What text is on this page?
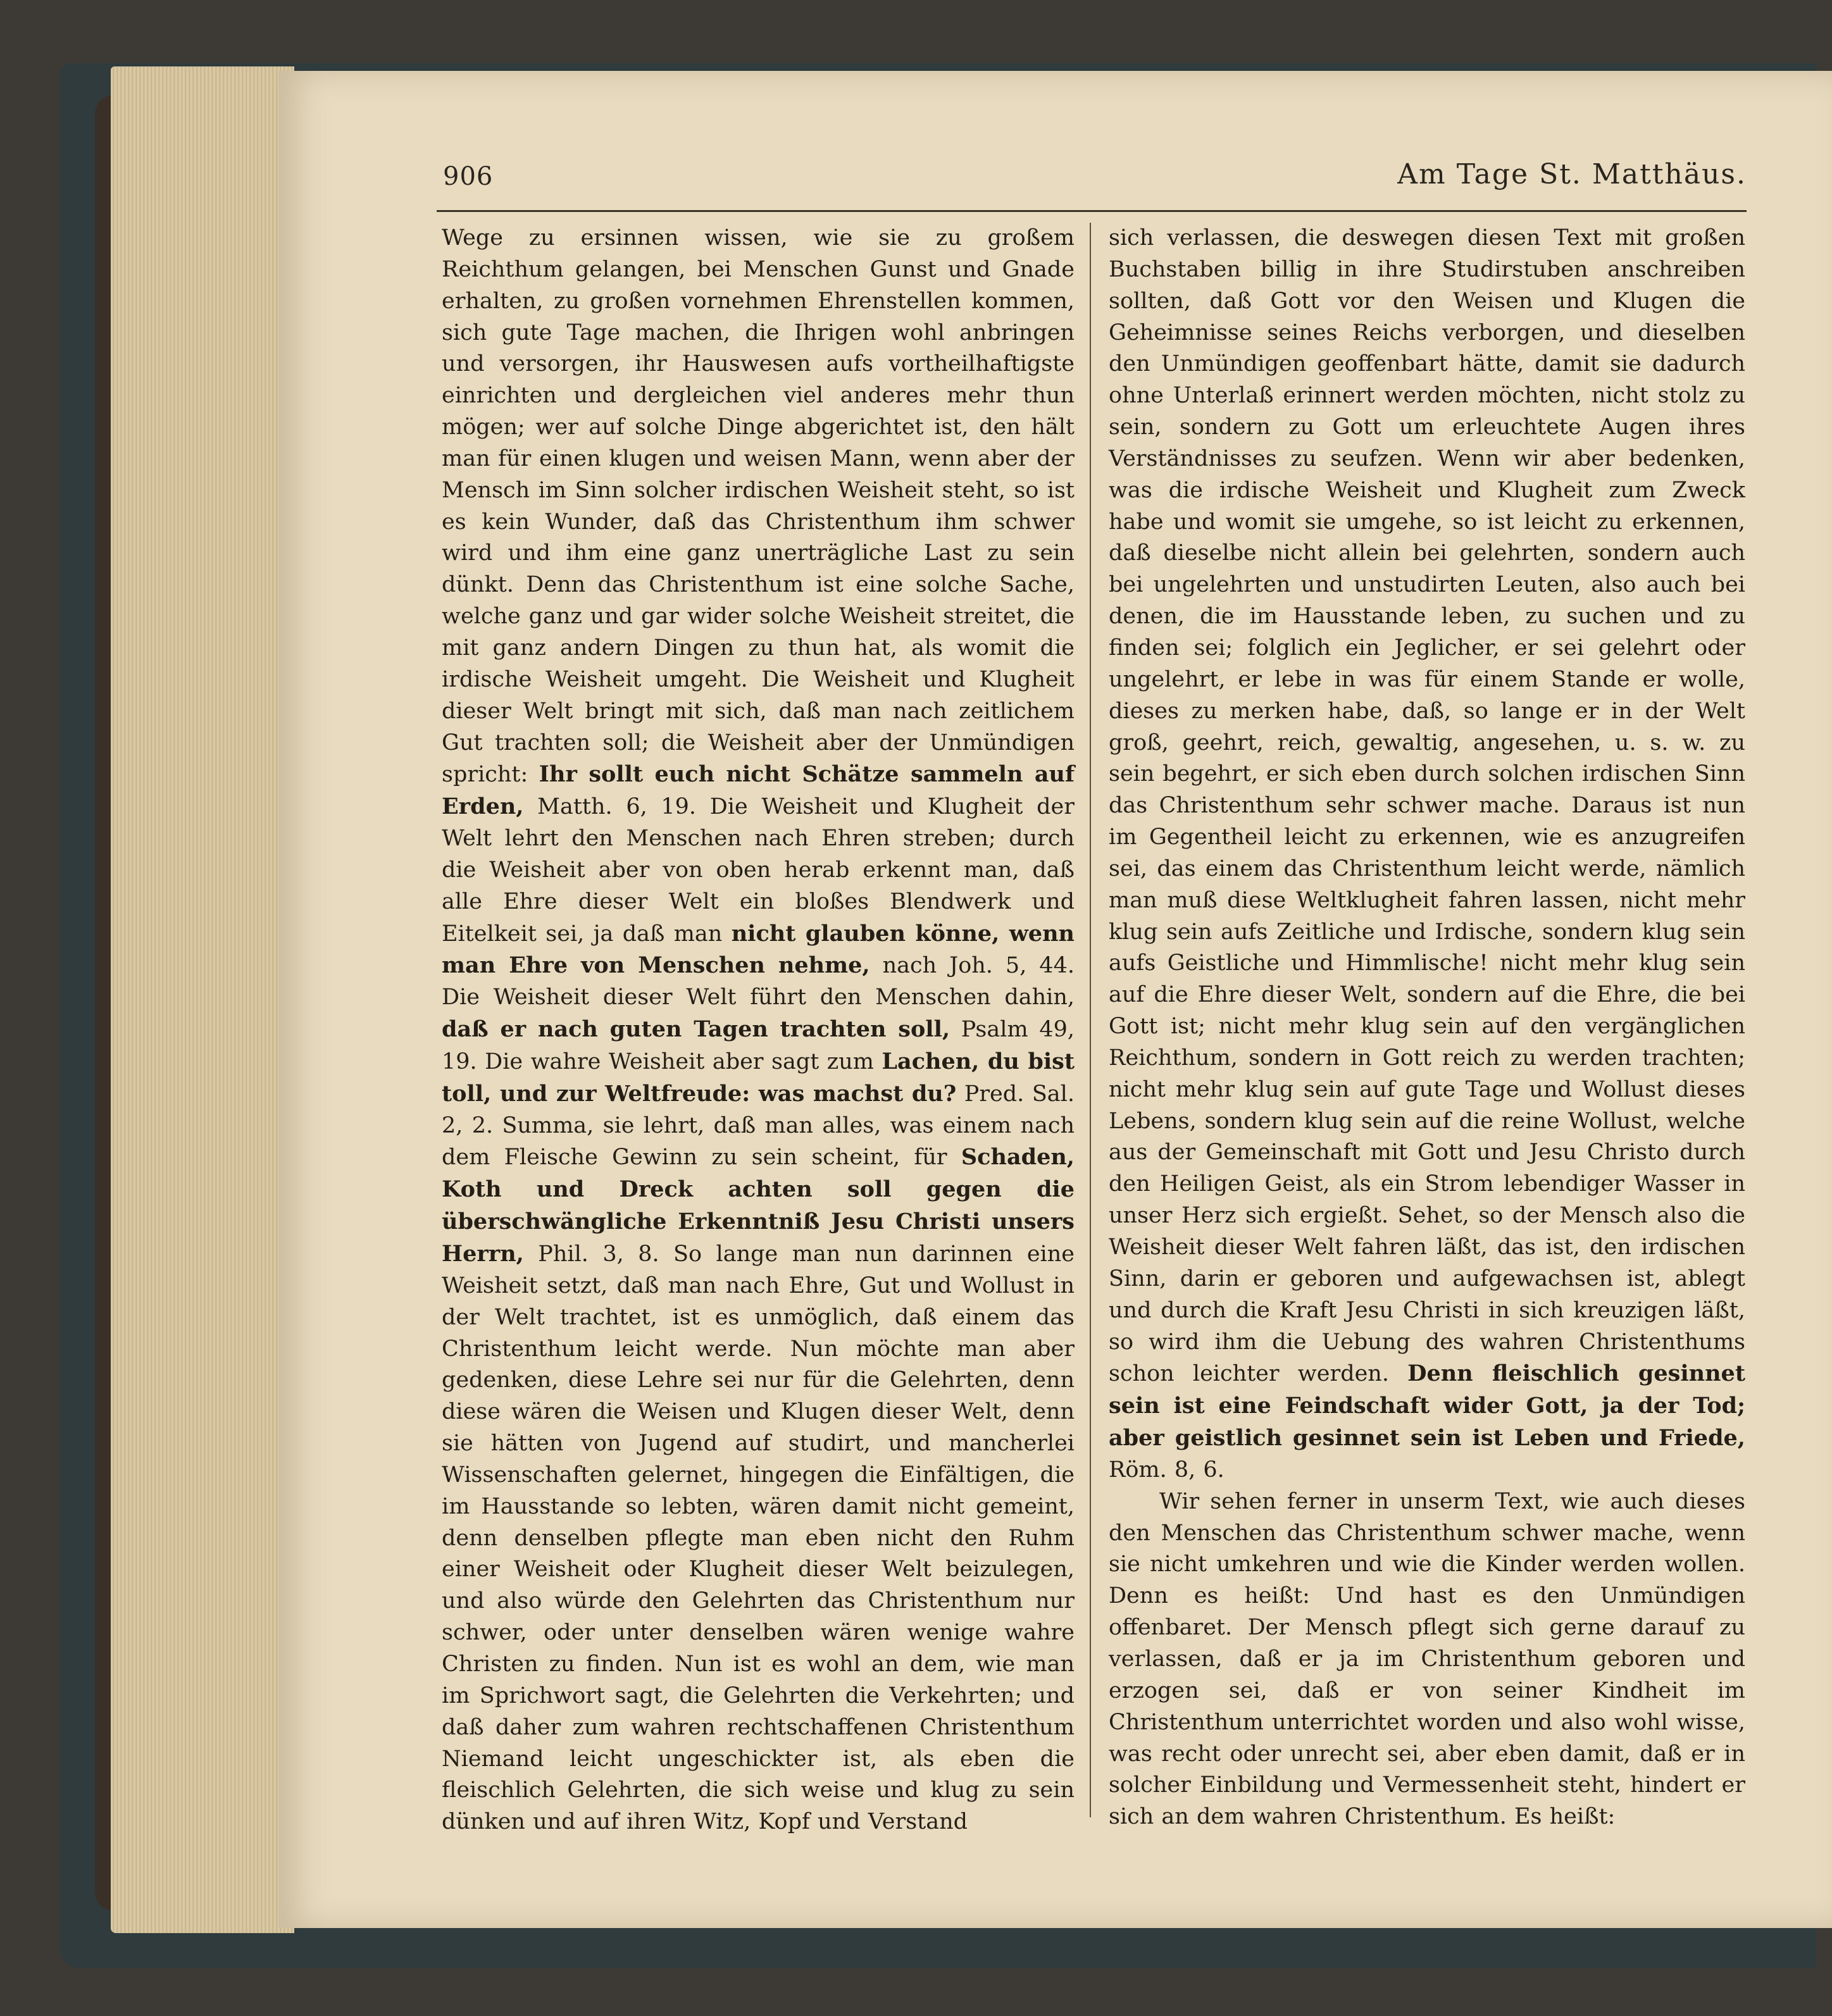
906	Am Tage St. Matthäus.

Wege zu ersinnen wissen, wie sie zu großem Reichthum gelangen, bei Menschen Gunst und Gnade erhalten, zu großen vornehmen Ehrenstellen kommen, sich gute Tage machen, die Ihrigen wohl anbringen und versorgen, ihr Hauswesen aufs vortheilhaftigste einrichten und dergleichen viel anderes mehr thun mögen; wer auf solche Dinge abgerichtet ist, den hält man für einen klugen und weisen Mann, wenn aber der Mensch im Sinn solcher irdischen Weisheit steht, so ist es kein Wunder, daß das Christenthum ihm schwer wird und ihm eine ganz unerträgliche Last zu sein dünkt. Denn das Christenthum ist eine solche Sache, welche ganz und gar wider solche Weisheit streitet, die mit ganz andern Dingen zu thun hat, als womit die irdische Weisheit umgeht. Die Weisheit und Klugheit dieser Welt bringt mit sich, daß man nach zeitlichem Gut trachten soll; die Weisheit aber der Unmündigen spricht: Ihr sollt euch nicht Schätze sammeln auf Erden, Matth. 6, 19. Die Weisheit und Klugheit der Welt lehrt den Menschen nach Ehren streben; durch die Weisheit aber von oben herab erkennt man, daß alle Ehre dieser Welt ein bloßes Blendwerk und Eitelkeit sei, ja daß man nicht glauben könne, wenn man Ehre von Menschen nehme, nach Joh. 5, 44. Die Weisheit dieser Welt führt den Menschen dahin, daß er nach guten Tagen trachten soll, Psalm 49, 19. Die wahre Weisheit aber sagt zum Lachen, du bist toll, und zur Weltfreude: was machst du? Pred. Sal. 2, 2. Summa, sie lehrt, daß man alles, was einem nach dem Fleische Gewinn zu sein scheint, für Schaden, Koth und Dreck achten soll gegen die überschwängliche Erkenntniß Jesu Christi unsers Herrn, Phil. 3, 8. So lange man nun darinnen eine Weisheit setzt, daß man nach Ehre, Gut und Wollust in der Welt trachtet, ist es unmöglich, daß einem das Christenthum leicht werde. Nun möchte man aber gedenken, diese Lehre sei nur für die Gelehrten, denn diese wären die Weisen und Klugen dieser Welt, denn sie hätten von Jugend auf studirt, und mancherlei Wissenschaften gelernet, hingegen die Einfältigen, die im Hausstande so lebten, wären damit nicht gemeint, denn denselben pflegte man eben nicht den Ruhm einer Weisheit oder Klugheit dieser Welt beizulegen, und also würde den Gelehrten das Christenthum nur schwer, oder unter denselben wären wenige wahre Christen zu finden. Nun ist es wohl an dem, wie man im Sprichwort sagt, die Gelehrten die Verkehrten; und daß daher zum wahren rechtschaffenen Christenthum Niemand leicht ungeschickter ist, als eben die fleischlich Gelehrten, die sich weise und klug zu sein dünken und auf ihren Witz, Kopf und Verstand

sich verlassen, die deswegen diesen Text mit großen Buchstaben billig in ihre Studirstuben anschreiben sollten, daß Gott vor den Weisen und Klugen die Geheimnisse seines Reichs verborgen, und dieselben den Unmündigen geoffenbart hätte, damit sie dadurch ohne Unterlaß erinnert werden möchten, nicht stolz zu sein, sondern zu Gott um erleuchtete Augen ihres Verständnisses zu seufzen. Wenn wir aber bedenken, was die irdische Weisheit und Klugheit zum Zweck habe und womit sie umgehe, so ist leicht zu erkennen, daß dieselbe nicht allein bei gelehrten, sondern auch bei ungelehrten und unstudirten Leuten, also auch bei denen, die im Hausstande leben, zu suchen und zu finden sei; folglich ein Jeglicher, er sei gelehrt oder ungelehrt, er lebe in was für einem Stande er wolle, dieses zu merken habe, daß, so lange er in der Welt groß, geehrt, reich, gewaltig, angesehen, u. s. w. zu sein begehrt, er sich eben durch solchen irdischen Sinn das Christenthum sehr schwer mache. Daraus ist nun im Gegentheil leicht zu erkennen, wie es anzugreifen sei, das einem das Christenthum leicht werde, nämlich man muß diese Weltklugheit fahren lassen, nicht mehr klug sein aufs Zeitliche und Irdische, sondern klug sein aufs Geistliche und Himmlische! nicht mehr klug sein auf die Ehre dieser Welt, sondern auf die Ehre, die bei Gott ist; nicht mehr klug sein auf den vergänglichen Reichthum, sondern in Gott reich zu werden trachten; nicht mehr klug sein auf gute Tage und Wollust dieses Lebens, sondern klug sein auf die reine Wollust, welche aus der Gemeinschaft mit Gott und Jesu Christo durch den Heiligen Geist, als ein Strom lebendiger Wasser in unser Herz sich ergießt. Sehet, so der Mensch also die Weisheit dieser Welt fahren läßt, das ist, den irdischen Sinn, darin er geboren und aufgewachsen ist, ablegt und durch die Kraft Jesu Christi in sich kreuzigen läßt, so wird ihm die Uebung des wahren Christenthums schon leichter werden. Denn fleischlich gesinnet sein ist eine Feindschaft wider Gott, ja der Tod; aber geistlich gesinnet sein ist Leben und Friede, Röm. 8, 6.

Wir sehen ferner in unserm Text, wie auch dieses den Menschen das Christenthum schwer mache, wenn sie nicht umkehren und wie die Kinder werden wollen. Denn es heißt: Und hast es den Unmündigen offenbaret. Der Mensch pflegt sich gerne darauf zu verlassen, daß er ja im Christenthum geboren und erzogen sei, daß er von seiner Kindheit im Christenthum unterrichtet worden und also wohl wisse, was recht oder unrecht sei, aber eben damit, daß er in solcher Einbildung und Vermessenheit steht, hindert er sich an dem wahren Christenthum. Es heißt:
